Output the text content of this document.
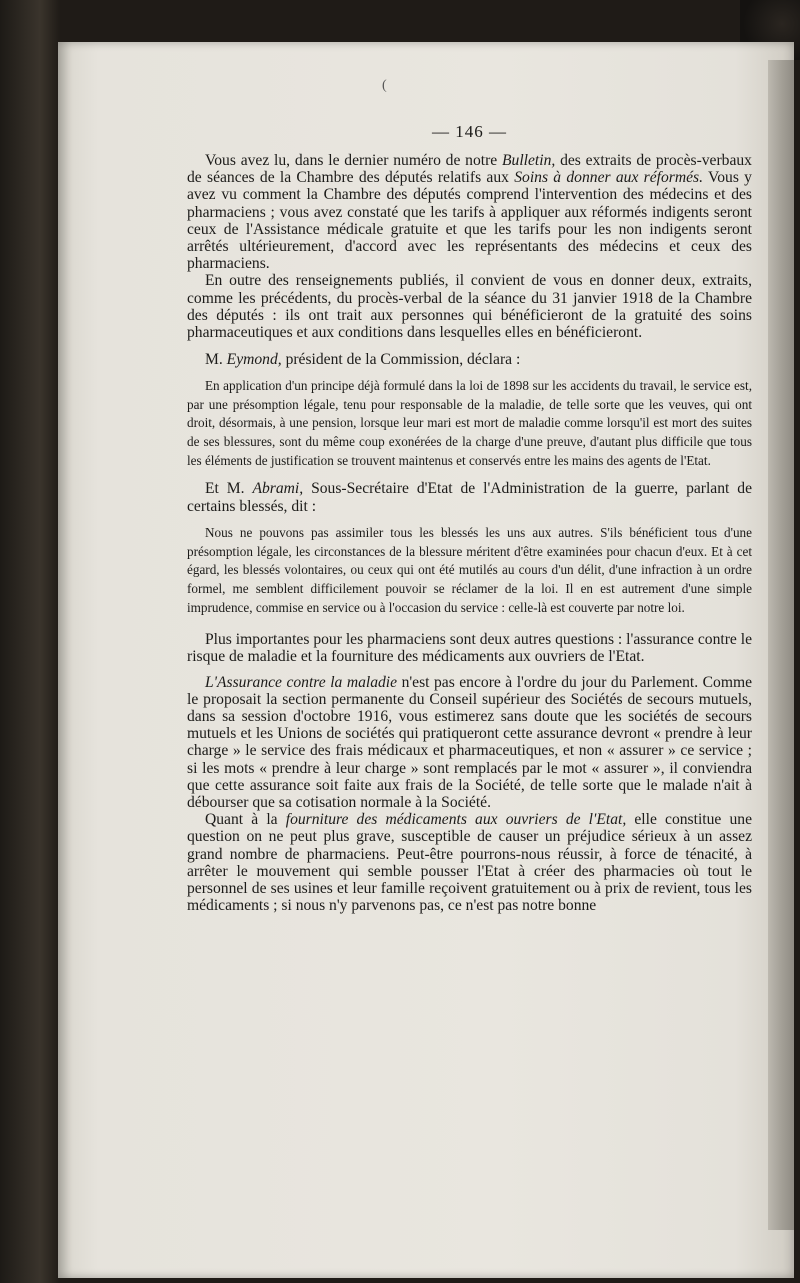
(
— 146 —

Vous avez lu, dans le dernier numéro de notre Bulletin, des extraits de procès-verbaux de séances de la Chambre des députés relatifs aux Soins à donner aux réformés. Vous y avez vu comment la Chambre des députés comprend l'intervention des médecins et des pharmaciens ; vous avez constaté que les tarifs à appliquer aux réformés indigents seront ceux de l'Assistance médicale gratuite et que les tarifs pour les non indigents seront arrêtés ultérieurement, d'accord avec les représentants des médecins et ceux des pharmaciens.

En outre des renseignements publiés, il convient de vous en donner deux, extraits, comme les précédents, du procès-verbal de la séance du 31 janvier 1918 de la Chambre des députés : ils ont trait aux personnes qui bénéficieront de la gratuité des soins pharmaceutiques et aux conditions dans lesquelles elles en bénéficieront.

M. Eymond, président de la Commission, déclara :

En application d'un principe déjà formulé dans la loi de 1898 sur les accidents du travail, le service est, par une présomption légale, tenu pour responsable de la maladie, de telle sorte que les veuves, qui ont droit, désormais, à une pension, lorsque leur mari est mort de maladie comme lorsqu'il est mort des suites de ses blessures, sont du même coup exonérées de la charge d'une preuve, d'autant plus difficile que tous les éléments de justification se trouvent maintenus et conservés entre les mains des agents de l'Etat.

Et M. Abrami, Sous-Secrétaire d'Etat de l'Administration de la guerre, parlant de certains blessés, dit :

Nous ne pouvons pas assimiler tous les blessés les uns aux autres. S'ils bénéficient tous d'une présomption légale, les circonstances de la blessure méritent d'être examinées pour chacun d'eux. Et à cet égard, les blessés volontaires, ou ceux qui ont été mutilés au cours d'un délit, d'une infraction à un ordre formel, me semblent difficilement pouvoir se réclamer de la loi. Il en est autrement d'une simple imprudence, commise en service ou à l'occasion du service : celle-là est couverte par notre loi.

Plus importantes pour les pharmaciens sont deux autres questions : l'assurance contre le risque de maladie et la fourniture des médicaments aux ouvriers de l'Etat.

L'Assurance contre la maladie n'est pas encore à l'ordre du jour du Parlement. Comme le proposait la section permanente du Conseil supérieur des Sociétés de secours mutuels, dans sa session d'octobre 1916, vous estimerez sans doute que les sociétés de secours mutuels et les Unions de sociétés qui pratiqueront cette assurance devront « prendre à leur charge » le service des frais médicaux et pharmaceutiques, et non « assurer » ce service ; si les mots « prendre à leur charge » sont remplacés par le mot « assurer », il conviendra que cette assurance soit faite aux frais de la Société, de telle sorte que le malade n'ait à débourser que sa cotisation normale à la Société.

Quant à la fourniture des médicaments aux ouvriers de l'Etat, elle constitue une question on ne peut plus grave, susceptible de causer un préjudice sérieux à un assez grand nombre de pharmaciens. Peut-être pourrons-nous réussir, à force de ténacité, à arrêter le mouvement qui semble pousser l'Etat à créer des pharmacies où tout le personnel de ses usines et leur famille reçoivent gratuitement ou à prix de revient, tous les médicaments ; si nous n'y parvenons pas, ce n'est pas notre bonne
